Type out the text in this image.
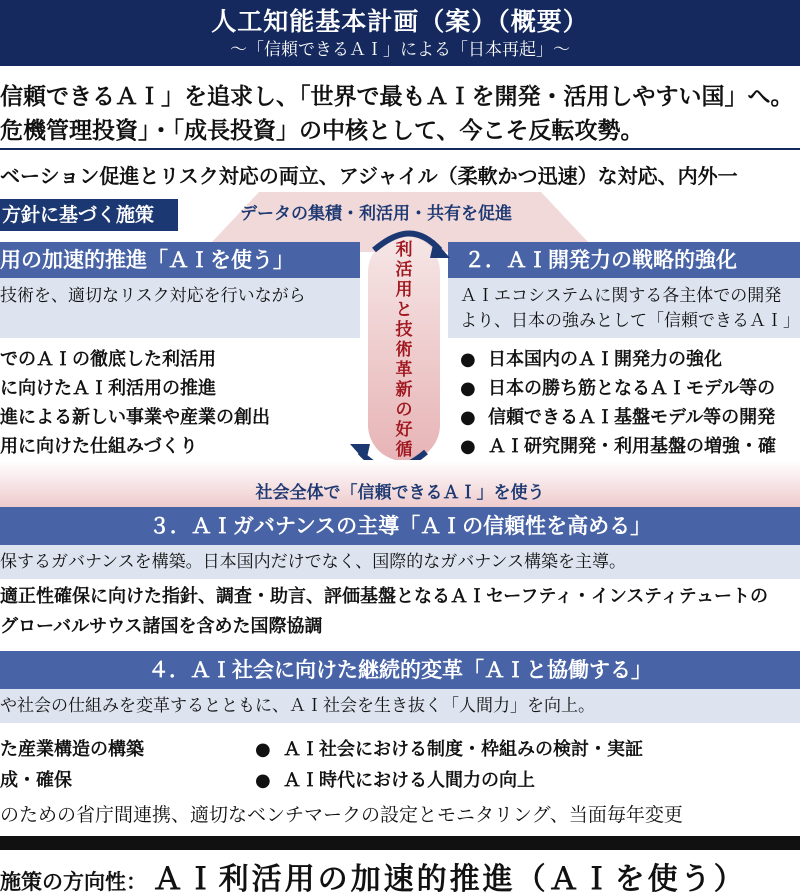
人工知能基本計画（案）（概要）
～「信頼できるＡＩ」による「日本再起」～
信頼できるＡＩ」を追求し、「世界で最もＡＩを開発・活用しやすい国」へ。
危機管理投資」・「成長投資」の中核として、今こそ反転攻勢。
ベーション促進とリスク対応の両立、アジャイル（柔軟かつ迅速）な対応、内外一
方針に基づく施策	データの集積・利活用・共有を促進
用の加速的推進「ＡＩを使う」	２．ＡＩ開発力の戦略的強化
技術を、適切なリスク対応を行いながら	ＡＩエコシステムに関する各主体での開発
より、日本の強みとして「信頼できるＡＩ」
でのＡＩの徹底した利活用
に向けたＡＩ利活用の推進
進による新しい事業や産業の創出
用に向けた仕組みづくり
● 日本国内のＡＩ開発力の強化
● 日本の勝ち筋となるＡＩモデル等の
● 信頼できるＡＩ基盤モデル等の開発
● ＡＩ研究開発・利用基盤の増強・確
利活用と技術革新の好循
社会全体で「信頼できるＡＩ」を使う
３．ＡＩガバナンスの主導「ＡＩの信頼性を高める」
保するガバナンスを構築。日本国内だけでなく、国際的なガバナンス構築を主導。
適正性確保に向けた指針、調査・助言、評価基盤となるＡＩセーフティ・インスティテュートの
グローバルサウス諸国を含めた国際協調
４．ＡＩ社会に向けた継続的変革「ＡＩと協働する」
や社会の仕組みを変革するとともに、ＡＩ社会を生き抜く「人間力」を向上。
た産業構造の構築
成・確保
● ＡＩ社会における制度・枠組みの検討・実証
● ＡＩ時代における人間力の向上
のための省庁間連携、適切なベンチマークの設定とモニタリング、当面毎年変更
施策の方向性： ＡＩ利活用の加速的推進（ＡＩを使う）
